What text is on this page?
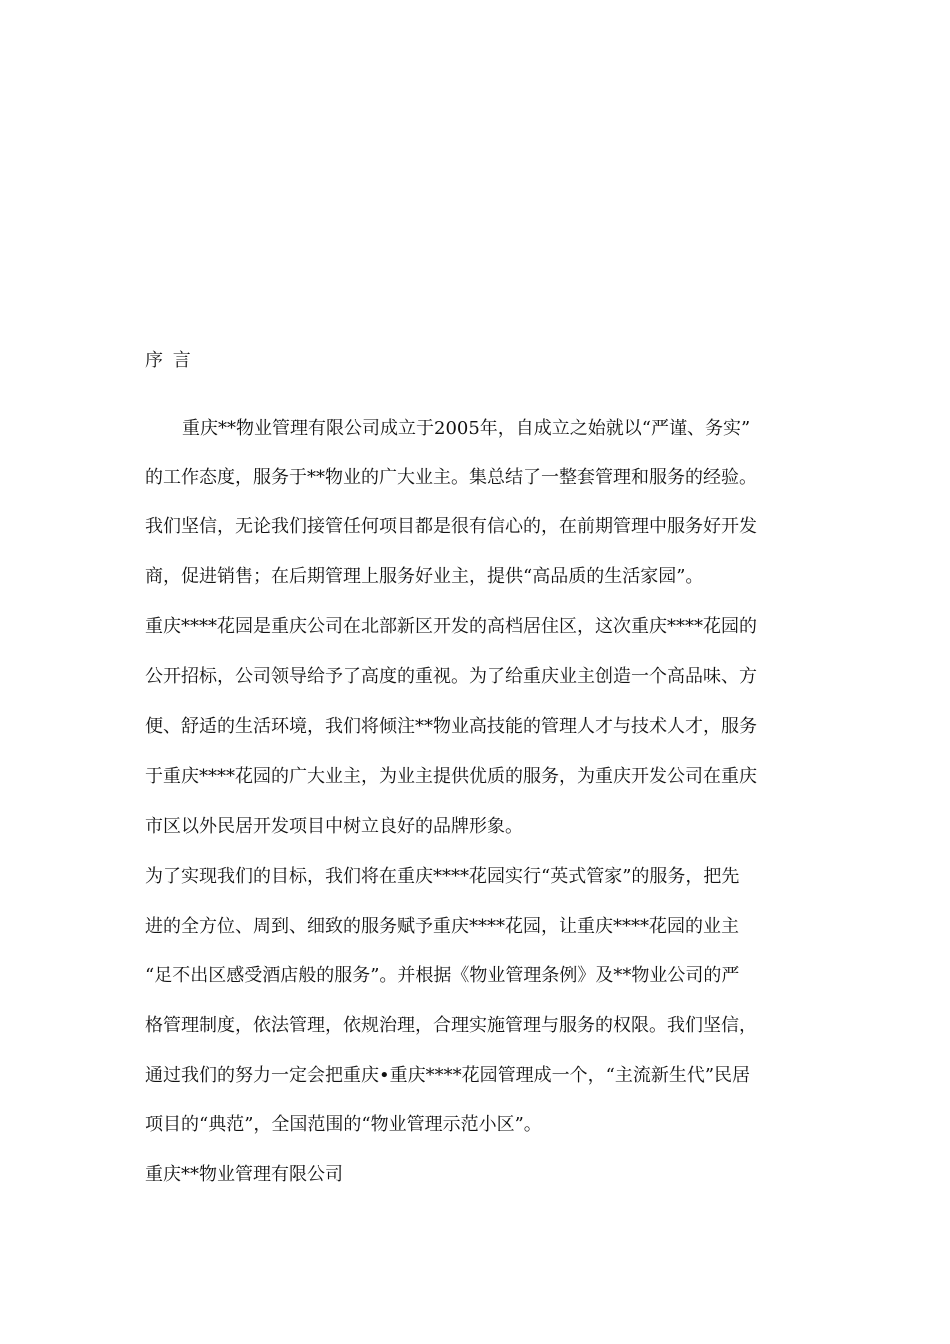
序 言
重庆**物业管理有限公司成立于2005年，自成立之始就以“严谨、务实”
的工作态度，服务于**物业的广大业主。集总结了一整套管理和服务的经验。
我们坚信，无论我们接管任何项目都是很有信心的，在前期管理中服务好开发
商，促进销售；在后期管理上服务好业主，提供“高品质的生活家园”。
重庆****花园是重庆公司在北部新区开发的高档居住区，这次重庆****花园的
公开招标，公司领导给予了高度的重视。为了给重庆业主创造一个高品味、方
便、舒适的生活环境，我们将倾注**物业高技能的管理人才与技术人才，服务
于重庆****花园的广大业主，为业主提供优质的服务，为重庆开发公司在重庆
市区以外民居开发项目中树立良好的品牌形象。
为了实现我们的目标，我们将在重庆****花园实行“英式管家”的服务，把先
进的全方位、周到、细致的服务赋予重庆****花园，让重庆****花园的业主
“足不出区感受酒店般的服务”。并根据《物业管理条例》及**物业公司的严
格管理制度，依法管理，依规治理，合理实施管理与服务的权限。我们坚信，
通过我们的努力一定会把重庆•重庆****花园管理成一个，“主流新生代”民居
项目的“典范”，全国范围的“物业管理示范小区”。
重庆**物业管理有限公司
